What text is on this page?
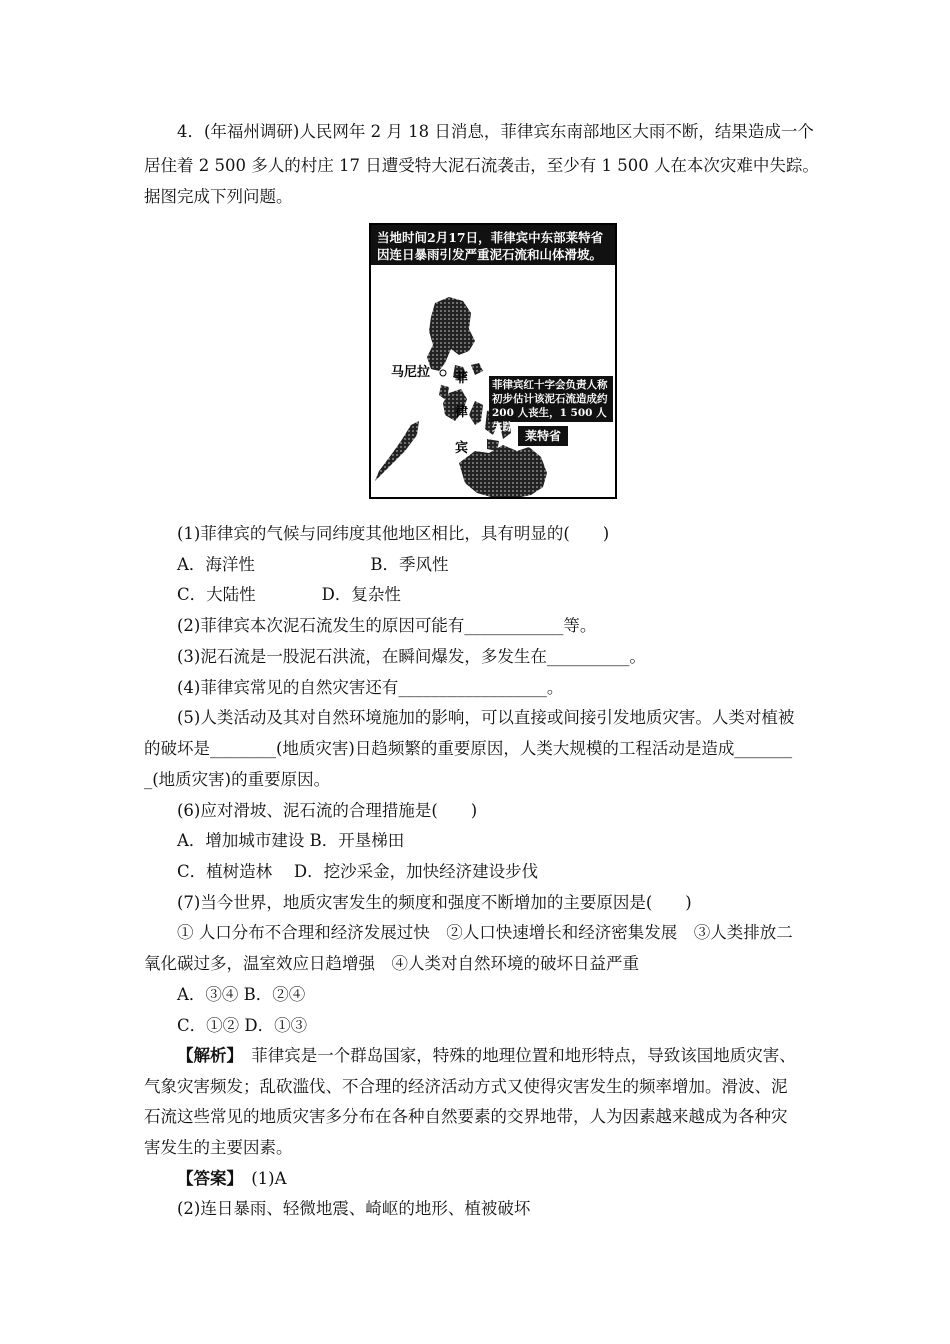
4．(年福州调研)人民网年 2 月 18 日消息，菲律宾东南部地区大雨不断，结果造成一个
居住着 2 500 多人的村庄 17 日遭受特大泥石流袭击，至少有 1 500 人在本次灾难中失踪。
据图完成下列问题。
当地时间2月17日，菲律宾中东部莱特省
因连日暴雨引发严重泥石流和山体滑坡。
马尼拉 菲
律
宾
菲律宾红十字会负责人称
初步估计该泥石流造成约
200 人丧生，1 500 人失踪
莱特省
(1)菲律宾的气候与同纬度其他地区相比，具有明显的(　　)
A．海洋性　　　　　　　B．季风性
C．大陆性　　　　D．复杂性
(2)菲律宾本次泥石流发生的原因可能有____________等。
(3)泥石流是一股泥石洪流，在瞬间爆发，多发生在__________。
(4)菲律宾常见的自然灾害还有__________________。
(5)人类活动及其对自然环境施加的影响，可以直接或间接引发地质灾害。人类对植被
的破坏是________(地质灾害)日趋频繁的重要原因，人类大规模的工程活动是造成_______
_(地质灾害)的重要原因。
(6)应对滑坡、泥石流的合理措施是(　　)
A．增加城市建设 B．开垦梯田
C．植树造林　 D．挖沙采金，加快经济建设步伐
(7)当今世界，地质灾害发生的频度和强度不断增加的主要原因是(　　)
① 人口分布不合理和经济发展过快　②人口快速增长和经济密集发展　③人类排放二
氧化碳过多，温室效应日趋增强　④人类对自然环境的破坏日益严重
A．③④ B．②④
C．①② D．①③
【解析】　菲律宾是一个群岛国家，特殊的地理位置和地形特点，导致该国地质灾害、
气象灾害频发；乱砍滥伐、不合理的经济活动方式又使得灾害发生的频率增加。滑波、泥
石流这些常见的地质灾害多分布在各种自然要素的交界地带，人为因素越来越成为各种灾
害发生的主要因素。
【答案】　(1)A
(2)连日暴雨、轻微地震、崎岖的地形、植被破坏
